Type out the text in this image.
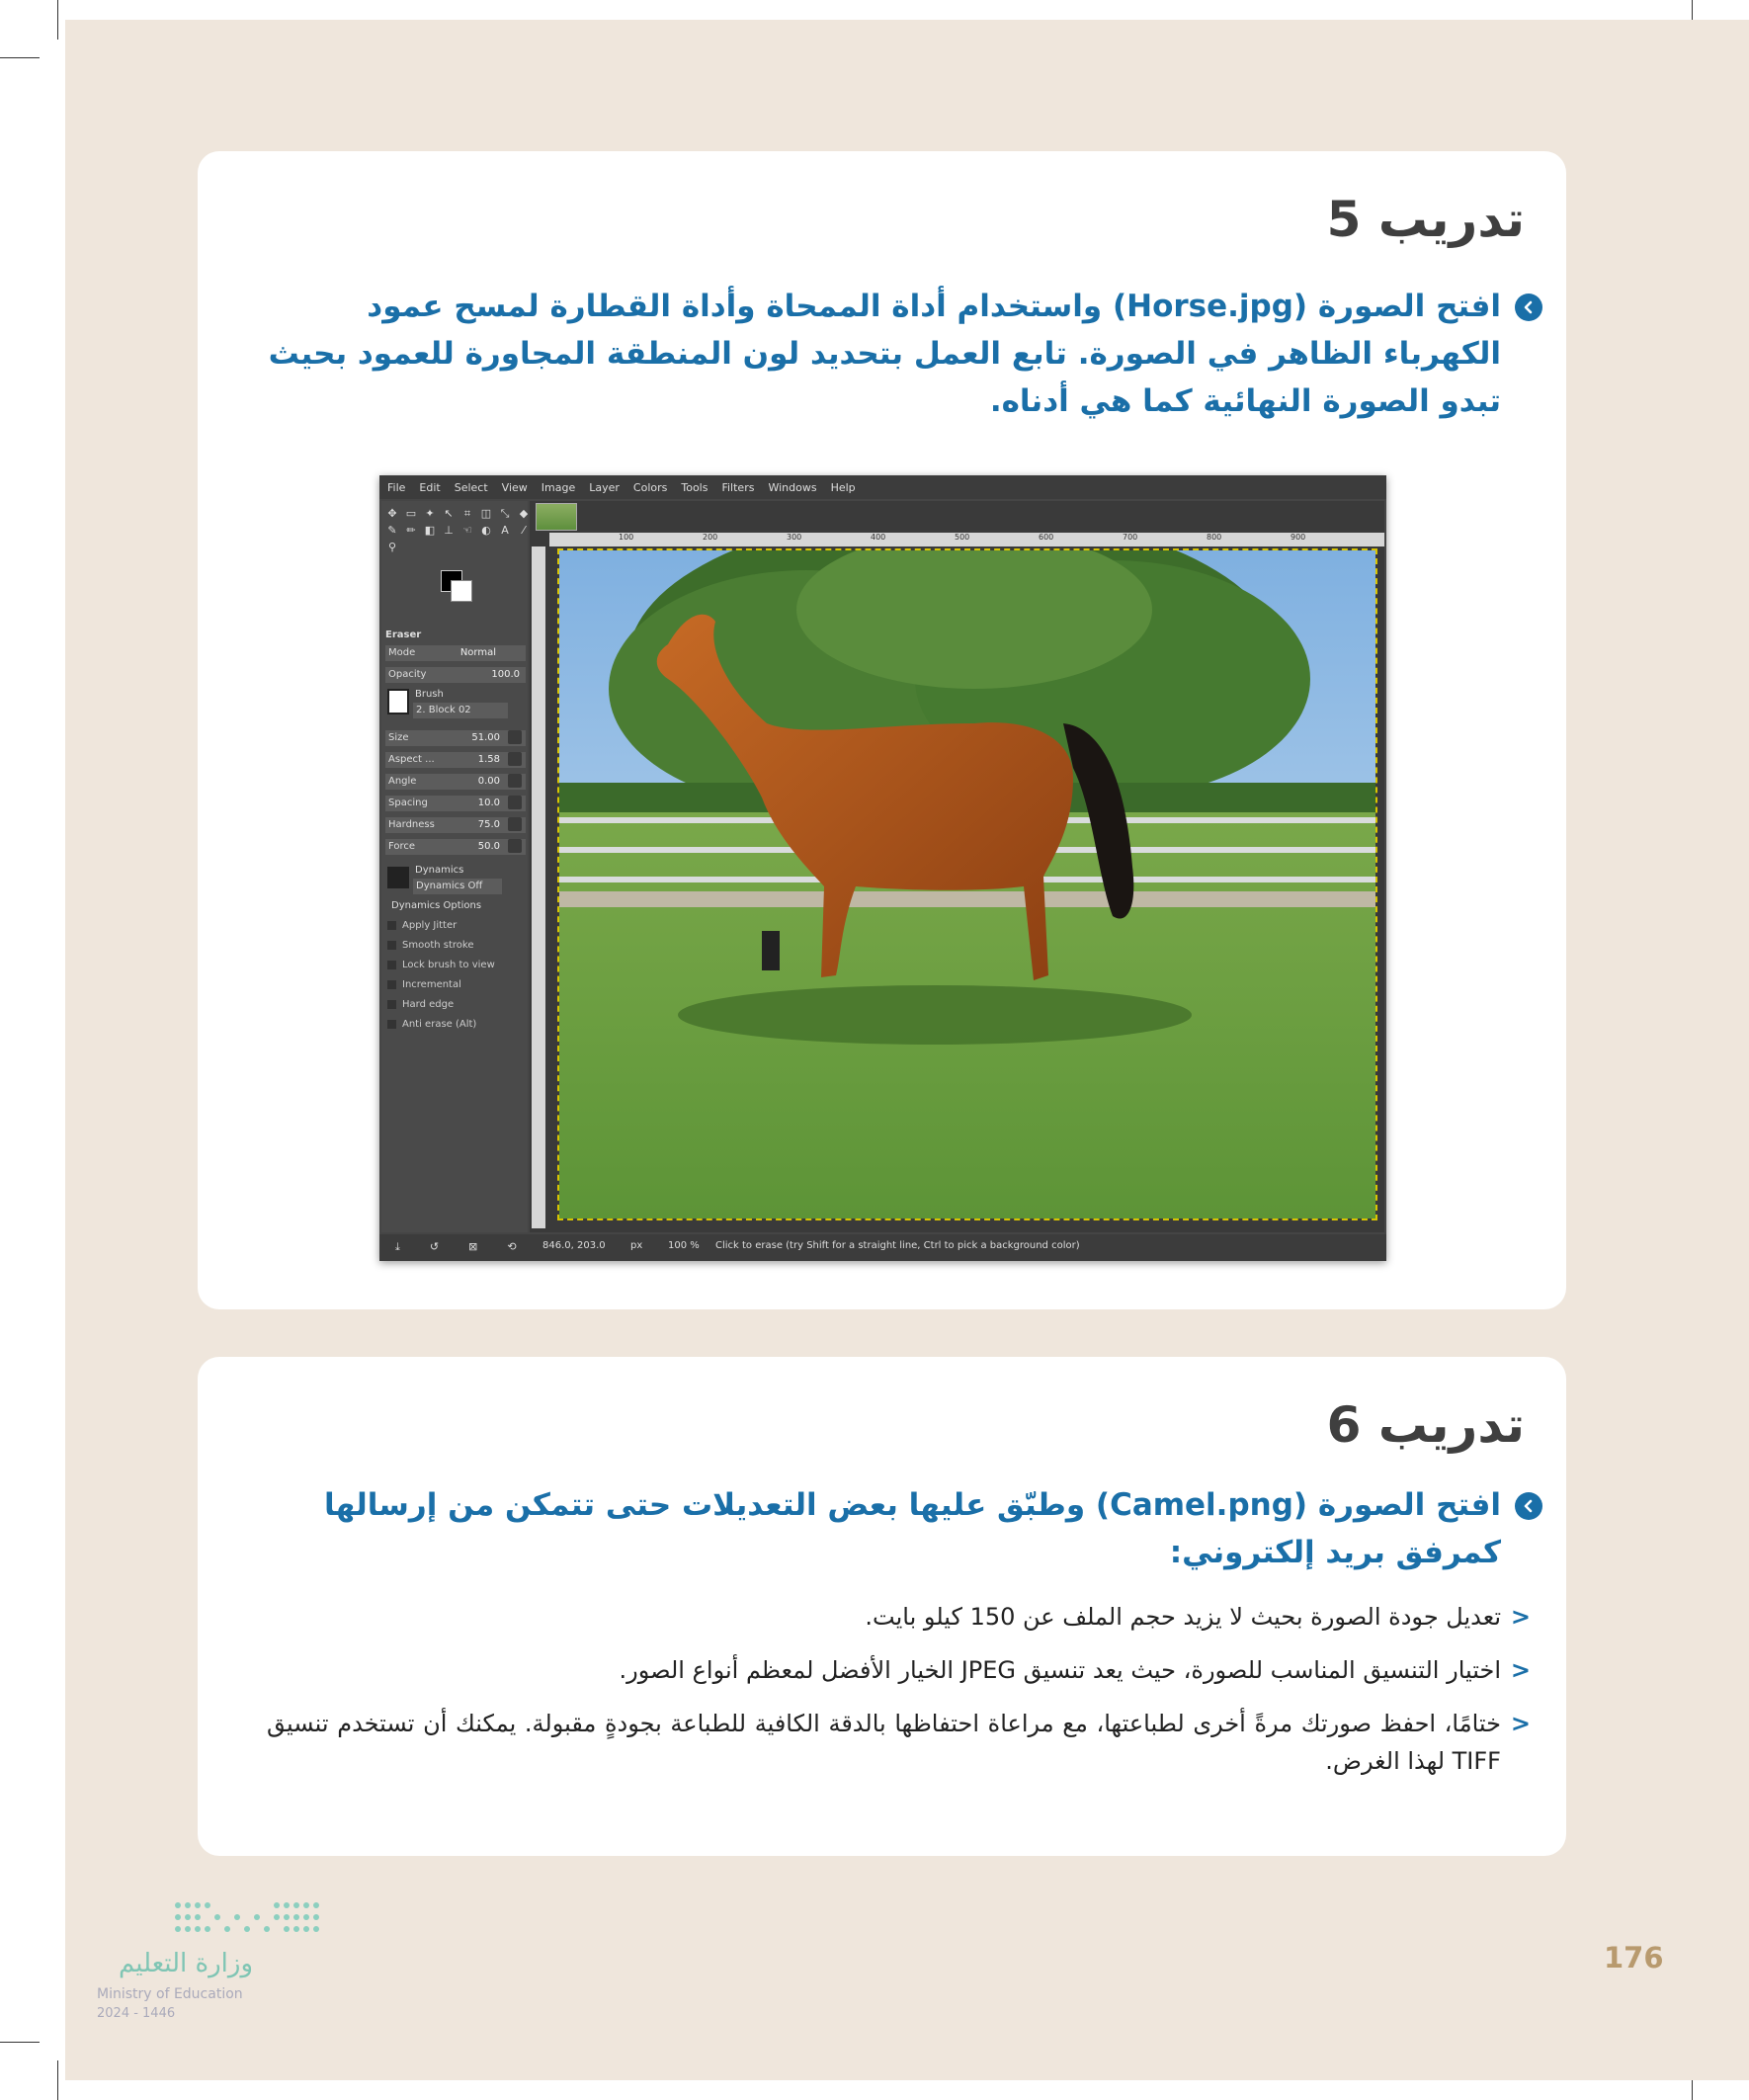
تدريب 5
افتح الصورة (Horse.jpg) واستخدام أداة الممحاة وأداة القطارة لمسح عمود الكهرباء الظاهر في الصورة. تابع العمل بتحديد لون المنطقة المجاورة للعمود بحيث تبدو الصورة النهائية كما هي أدناه.
File Edit Select View Image Layer Colors Tools Filters Windows Help
✥ ▭ ✦ ↖	⌗ ◫ ⤡ ◆
✎ ✏ ◧ ⊥ ☜ ◐ A	⁄
⚲
Eraser
Mode	Normal
Opacity	100.0
Brush
2. Block 02
Size	51.00
Aspect ...	1.58
Angle	0.00
Spacing	10.0
Hardness	75.0
Force	50.0
Dynamics
Dynamics Off
Dynamics Options
Apply Jitter
Smooth stroke
Lock brush to view
Incremental
Hard edge
Anti erase (Alt)
100	200	300	400	500	600	700	800	900
⤓	↺	⊠	⟲	846.0, 203.0	px	100 % Click to erase (try Shift for a straight line, Ctrl to pick a background color)
تدريب 6
افتح الصورة (Camel.png) وطبّق عليها بعض التعديلات حتى تتمكن من إرسالها كمرفق بريد إلكتروني:
<
تعديل جودة الصورة بحيث لا يزيد حجم الملف عن 150 كيلو بايت.
<
اختيار التنسيق المناسب للصورة، حيث يعد تنسيق JPEG الخيار الأفضل لمعظم أنواع الصور.
<
ختامًا، احفظ صورتك مرةً أخرى لطباعتها، مع مراعاة احتفاظها بالدقة الكافية للطباعة بجودةٍ مقبولة. يمكنك أن تستخدم تنسيق TIFF لهذا الغرض.
وزارة التعليم
Ministry of Education
2024 - 1446
176
